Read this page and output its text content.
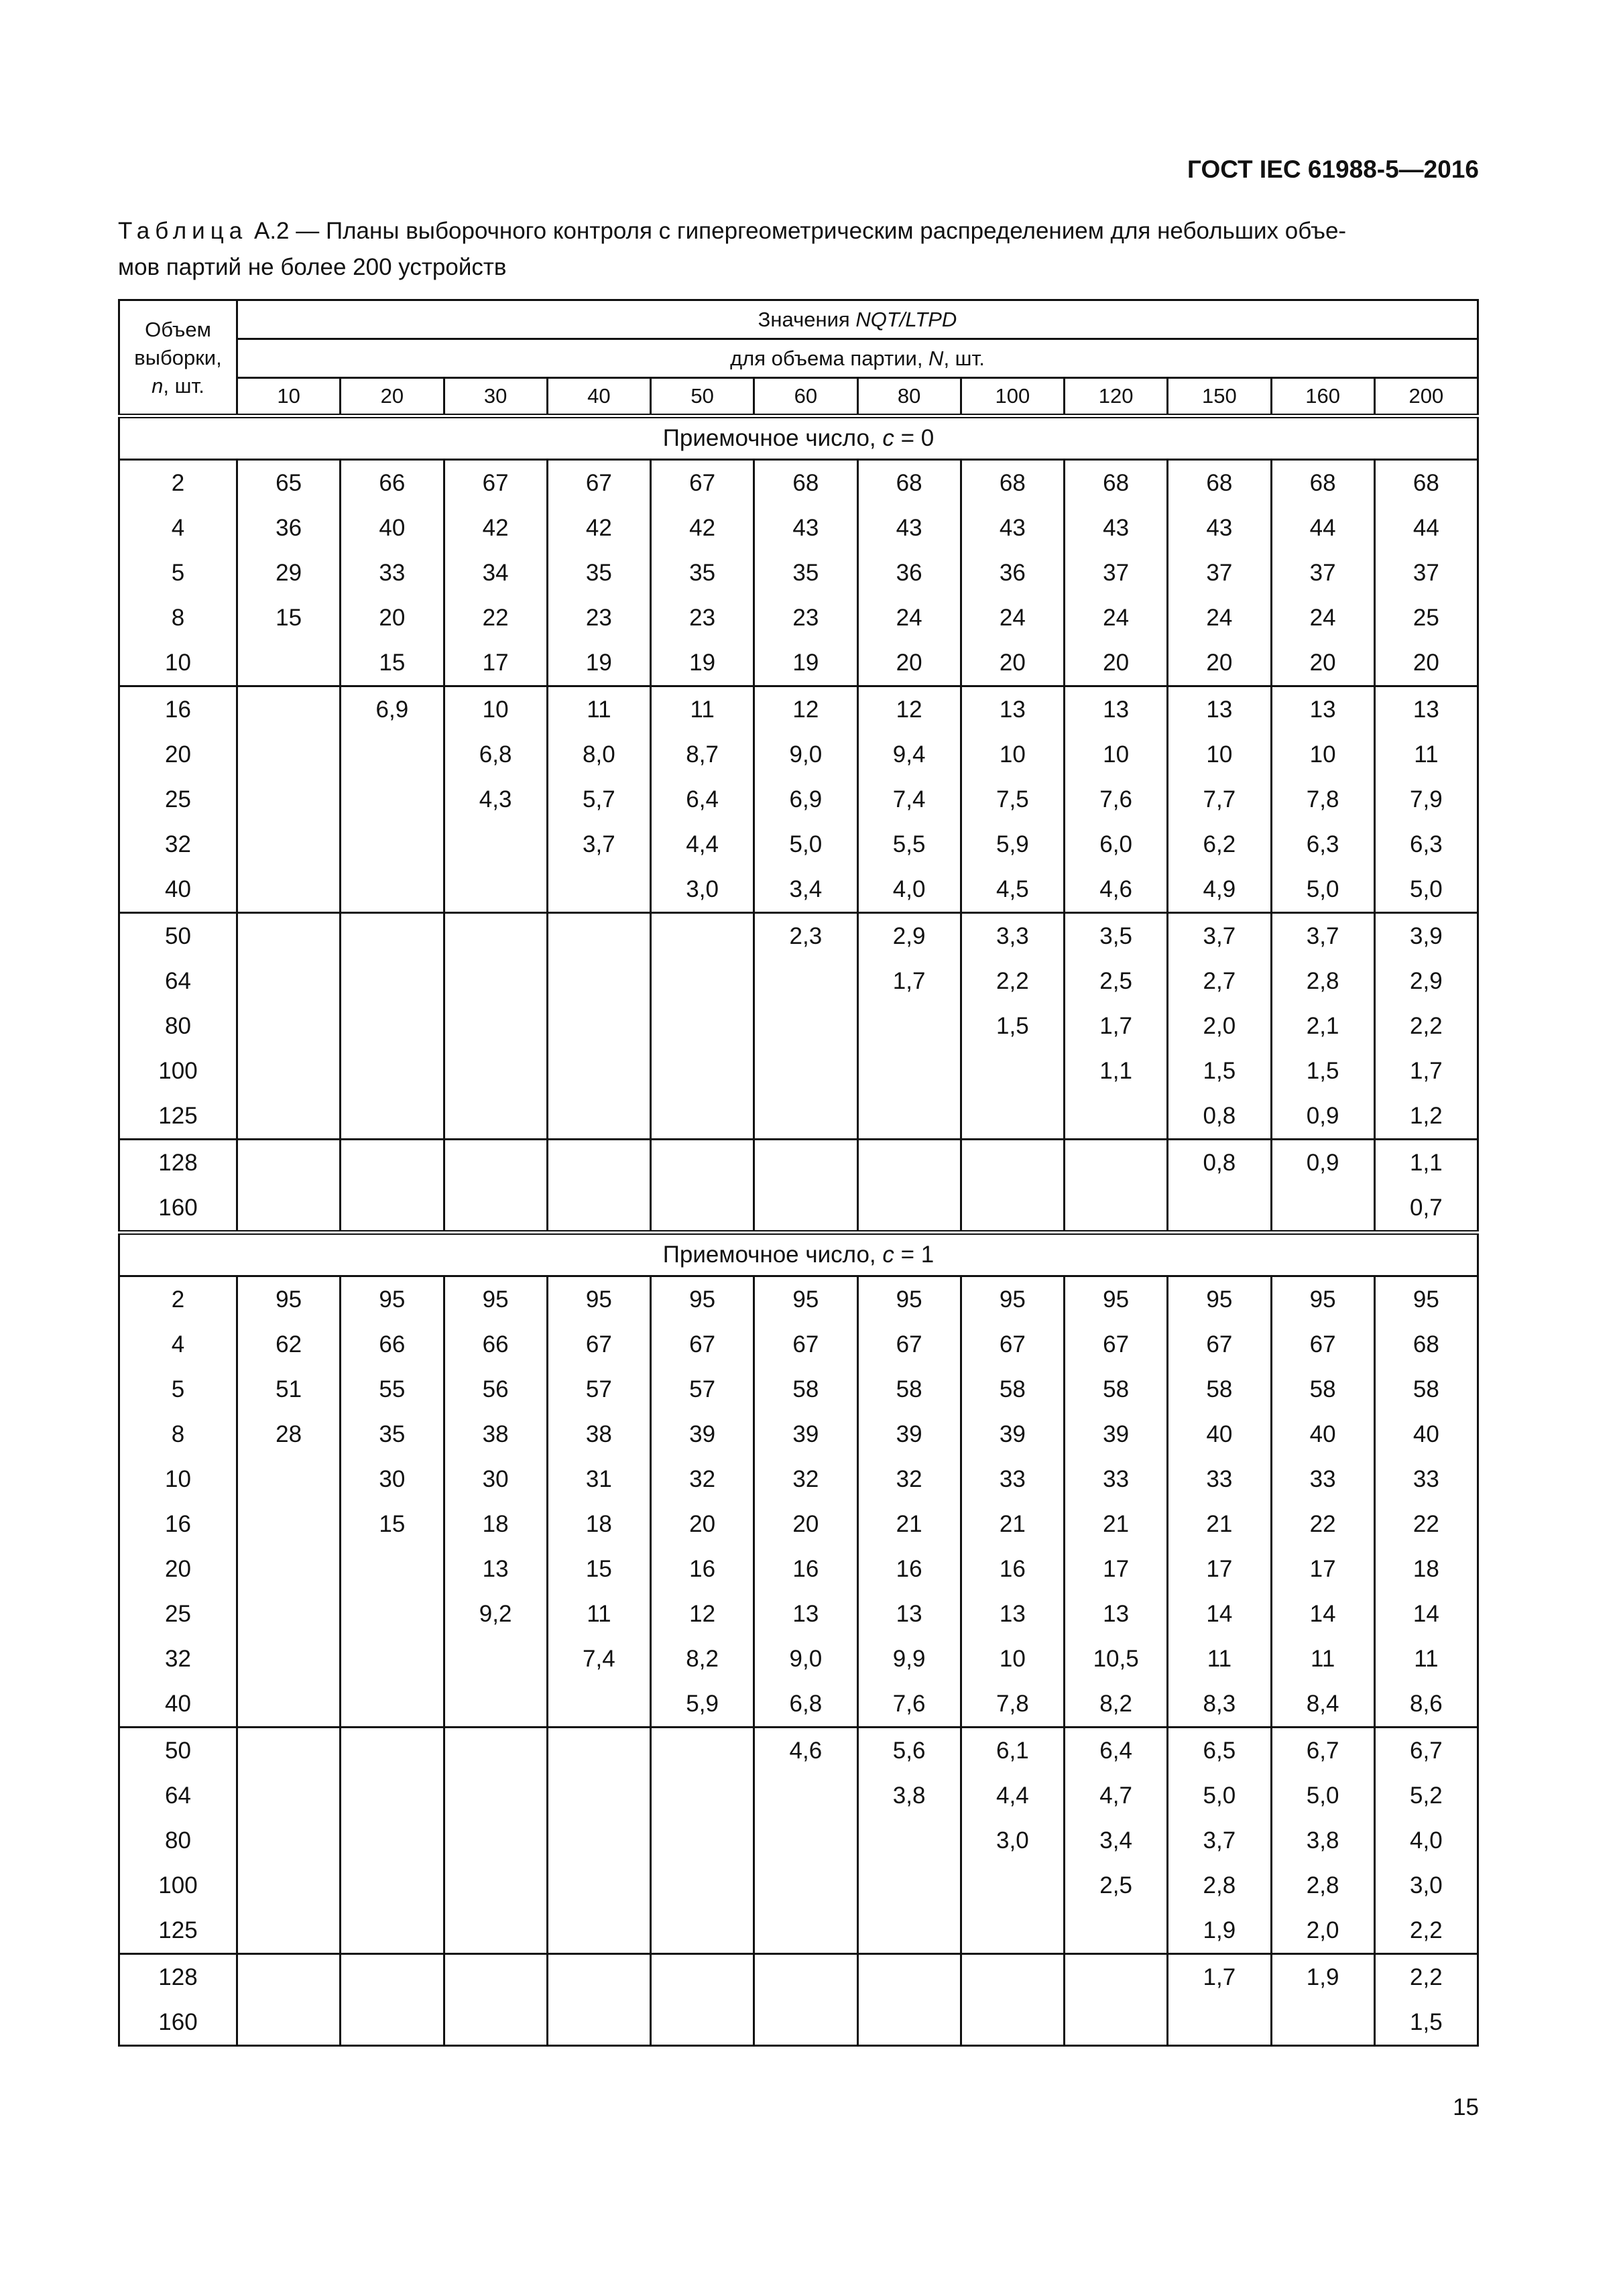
ГОСТ IEC 61988-5—2016
Таблица А.2 — Планы выборочного контроля с гипергеометрическим распределением для небольших объе-
мов партий не более 200 устройств
Объем
выборки,
n, шт.	Значения NQT/LTPD											
	для объема партии, N, шт.											
	10	20	30	40	50	60	80	100	120	150	160	200
Приемочное число, c = 0												
2	65	66	67	67	67	68	68	68	68	68	68	68
4	36	40	42	42	42	43	43	43	43	43	44	44
5	29	33	34	35	35	35	36	36	37	37	37	37
8	15	20	22	23	23	23	24	24	24	24	24	25
10		15	17	19	19	19	20	20	20	20	20	20
16		6,9	10	11	11	12	12	13	13	13	13	13
20			6,8	8,0	8,7	9,0	9,4	10	10	10	10	11
25			4,3	5,7	6,4	6,9	7,4	7,5	7,6	7,7	7,8	7,9
32				3,7	4,4	5,0	5,5	5,9	6,0	6,2	6,3	6,3
40					3,0	3,4	4,0	4,5	4,6	4,9	5,0	5,0
50						2,3	2,9	3,3	3,5	3,7	3,7	3,9
64							1,7	2,2	2,5	2,7	2,8	2,9
80								1,5	1,7	2,0	2,1	2,2
100									1,1	1,5	1,5	1,7
125										0,8	0,9	1,2
128										0,8	0,9	1,1
160												0,7
Приемочное число, c = 1												
2	95	95	95	95	95	95	95	95	95	95	95	95
4	62	66	66	67	67	67	67	67	67	67	67	68
5	51	55	56	57	57	58	58	58	58	58	58	58
8	28	35	38	38	39	39	39	39	39	40	40	40
10		30	30	31	32	32	32	33	33	33	33	33
16		15	18	18	20	20	21	21	21	21	22	22
20			13	15	16	16	16	16	17	17	17	18
25			9,2	11	12	13	13	13	13	14	14	14
32				7,4	8,2	9,0	9,9	10	10,5	11	11	11
40					5,9	6,8	7,6	7,8	8,2	8,3	8,4	8,6
50						4,6	5,6	6,1	6,4	6,5	6,7	6,7
64							3,8	4,4	4,7	5,0	5,0	5,2
80								3,0	3,4	3,7	3,8	4,0
100									2,5	2,8	2,8	3,0
125										1,9	2,0	2,2
128										1,7	1,9	2,2
160												1,5
15
